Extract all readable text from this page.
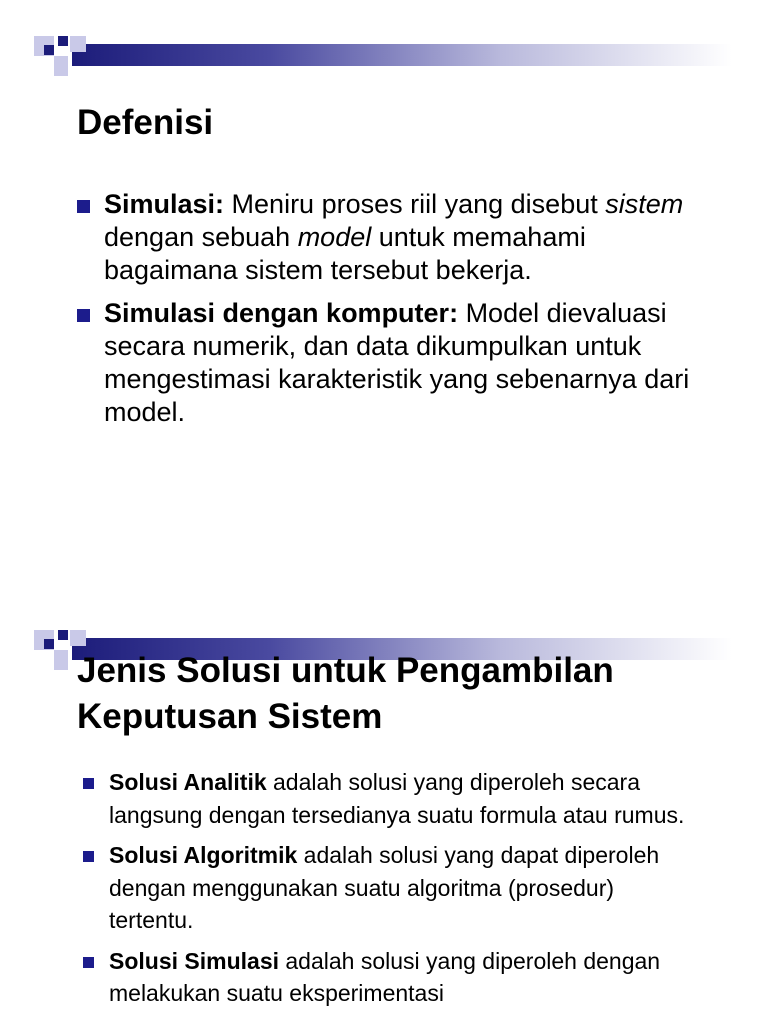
Defenisi
Simulasi: Meniru proses riil yang disebut sistem dengan sebuah model untuk memahami bagaimana sistem tersebut bekerja.
Simulasi dengan komputer: Model dievaluasi secara numerik, dan data dikumpulkan untuk mengestimasi karakteristik yang sebenarnya dari model.
Jenis Solusi untuk Pengambilan Keputusan Sistem
Solusi Analitik adalah solusi yang diperoleh secara langsung dengan tersedianya suatu formula atau rumus.
Solusi Algoritmik adalah solusi yang dapat diperoleh dengan menggunakan suatu algoritma (prosedur) tertentu.
Solusi Simulasi adalah solusi yang diperoleh dengan melakukan suatu eksperimentasi
